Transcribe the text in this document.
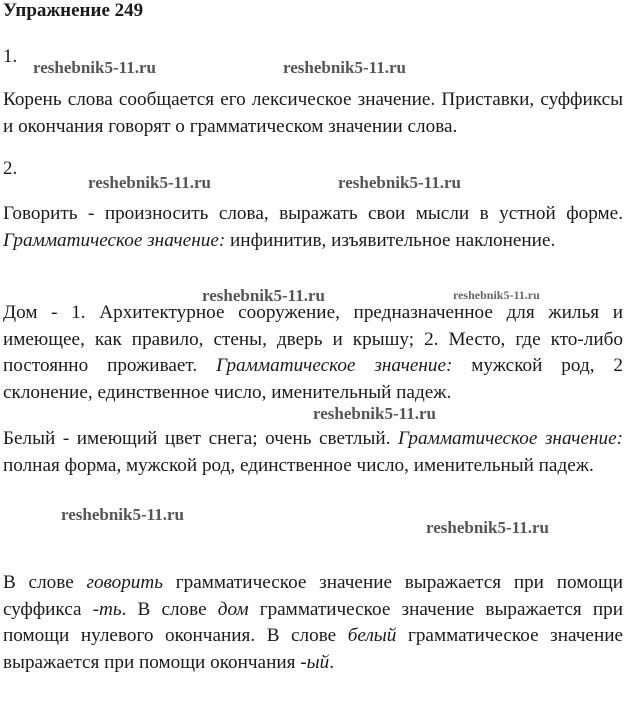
Упражнение 249
1.
reshebnik5-11.ru	reshebnik5-11.ru

Корень слова сообщается его лексическое значение. Приставки, суффиксы и окончания говорят о грамматическом значении слова.

2.
reshebnik5-11.ru	reshebnik5-11.ru

Говорить - произносить слова, выражать свои мысли в устной форме. Грамматическое значение: инфинитив, изъявительное наклонение.

reshebnik5-11.ru	reshebnik5-11.ru

Дом - 1. Архитектурное сооружение, предназначенное для жилья и имеющее, как правило, стены, дверь и крышу; 2. Место, где кто-либо постоянно проживает. Грамматическое значение: мужской род, 2 склонение, единственное число, именительный падеж.

reshebnik5-11.ru

Белый - имеющий цвет снега; очень светлый. Грамматическое значение: полная форма, мужской род, единственное число, именительный падеж.

reshebnik5-11.ru
reshebnik5-11.ru

В слове говорить грамматическое значение выражается при помощи суффикса -ть. В слове дом грамматическое значение выражается при помощи нулевого окончания. В слове белый грамматическое значение выражается при помощи окончания -ый.
